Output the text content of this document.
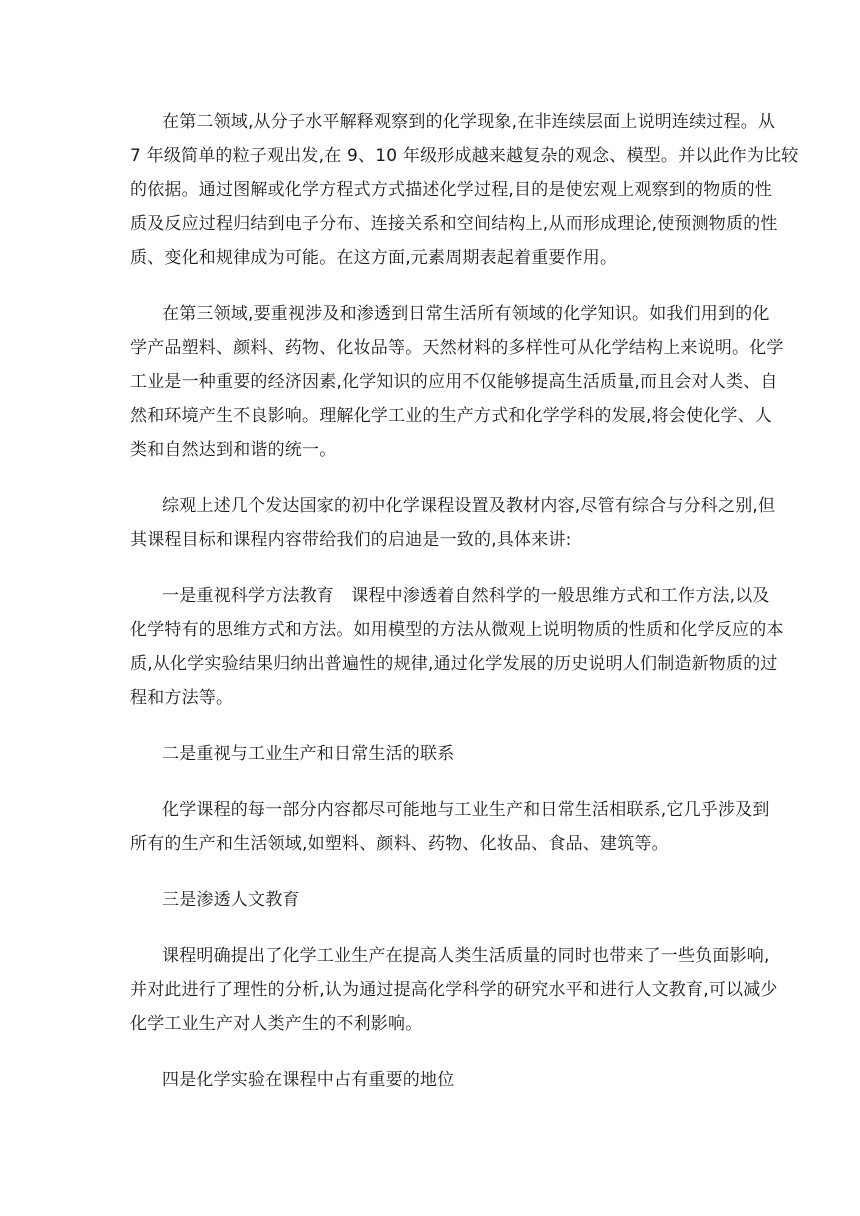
在第二领域,从分子水平解释观察到的化学现象,在非连续层面上说明连续过程。从
7 年级简单的粒子观出发,在 9、10 年级形成越来越复杂的观念、模型。并以此作为比较
的依据。通过图解或化学方程式方式描述化学过程,目的是使宏观上观察到的物质的性
质及反应过程归结到电子分布、连接关系和空间结构上,从而形成理论,使预测物质的性
质、变化和规律成为可能。在这方面,元素周期表起着重要作用。
在第三领域,要重视涉及和渗透到日常生活所有领域的化学知识。如我们用到的化
学产品塑料、颜料、药物、化妆品等。天然材料的多样性可从化学结构上来说明。化学
工业是一种重要的经济因素,化学知识的应用不仅能够提高生活质量,而且会对人类、自
然和环境产生不良影响。理解化学工业的生产方式和化学学科的发展,将会使化学、人
类和自然达到和谐的统一。
综观上述几个发达国家的初中化学课程设置及教材内容,尽管有综合与分科之别,但
其课程目标和课程内容带给我们的启迪是一致的,具体来讲:
一是重视科学方法教育　课程中渗透着自然科学的一般思维方式和工作方法,以及
化学特有的思维方式和方法。如用模型的方法从微观上说明物质的性质和化学反应的本
质,从化学实验结果归纳出普遍性的规律,通过化学发展的历史说明人们制造新物质的过
程和方法等。
二是重视与工业生产和日常生活的联系
化学课程的每一部分内容都尽可能地与工业生产和日常生活相联系,它几乎涉及到
所有的生产和生活领域,如塑料、颜料、药物、化妆品、食品、建筑等。
三是渗透人文教育
课程明确提出了化学工业生产在提高人类生活质量的同时也带来了一些负面影响,
并对此进行了理性的分析,认为通过提高化学科学的研究水平和进行人文教育,可以减少
化学工业生产对人类产生的不利影响。
四是化学实验在课程中占有重要的地位
